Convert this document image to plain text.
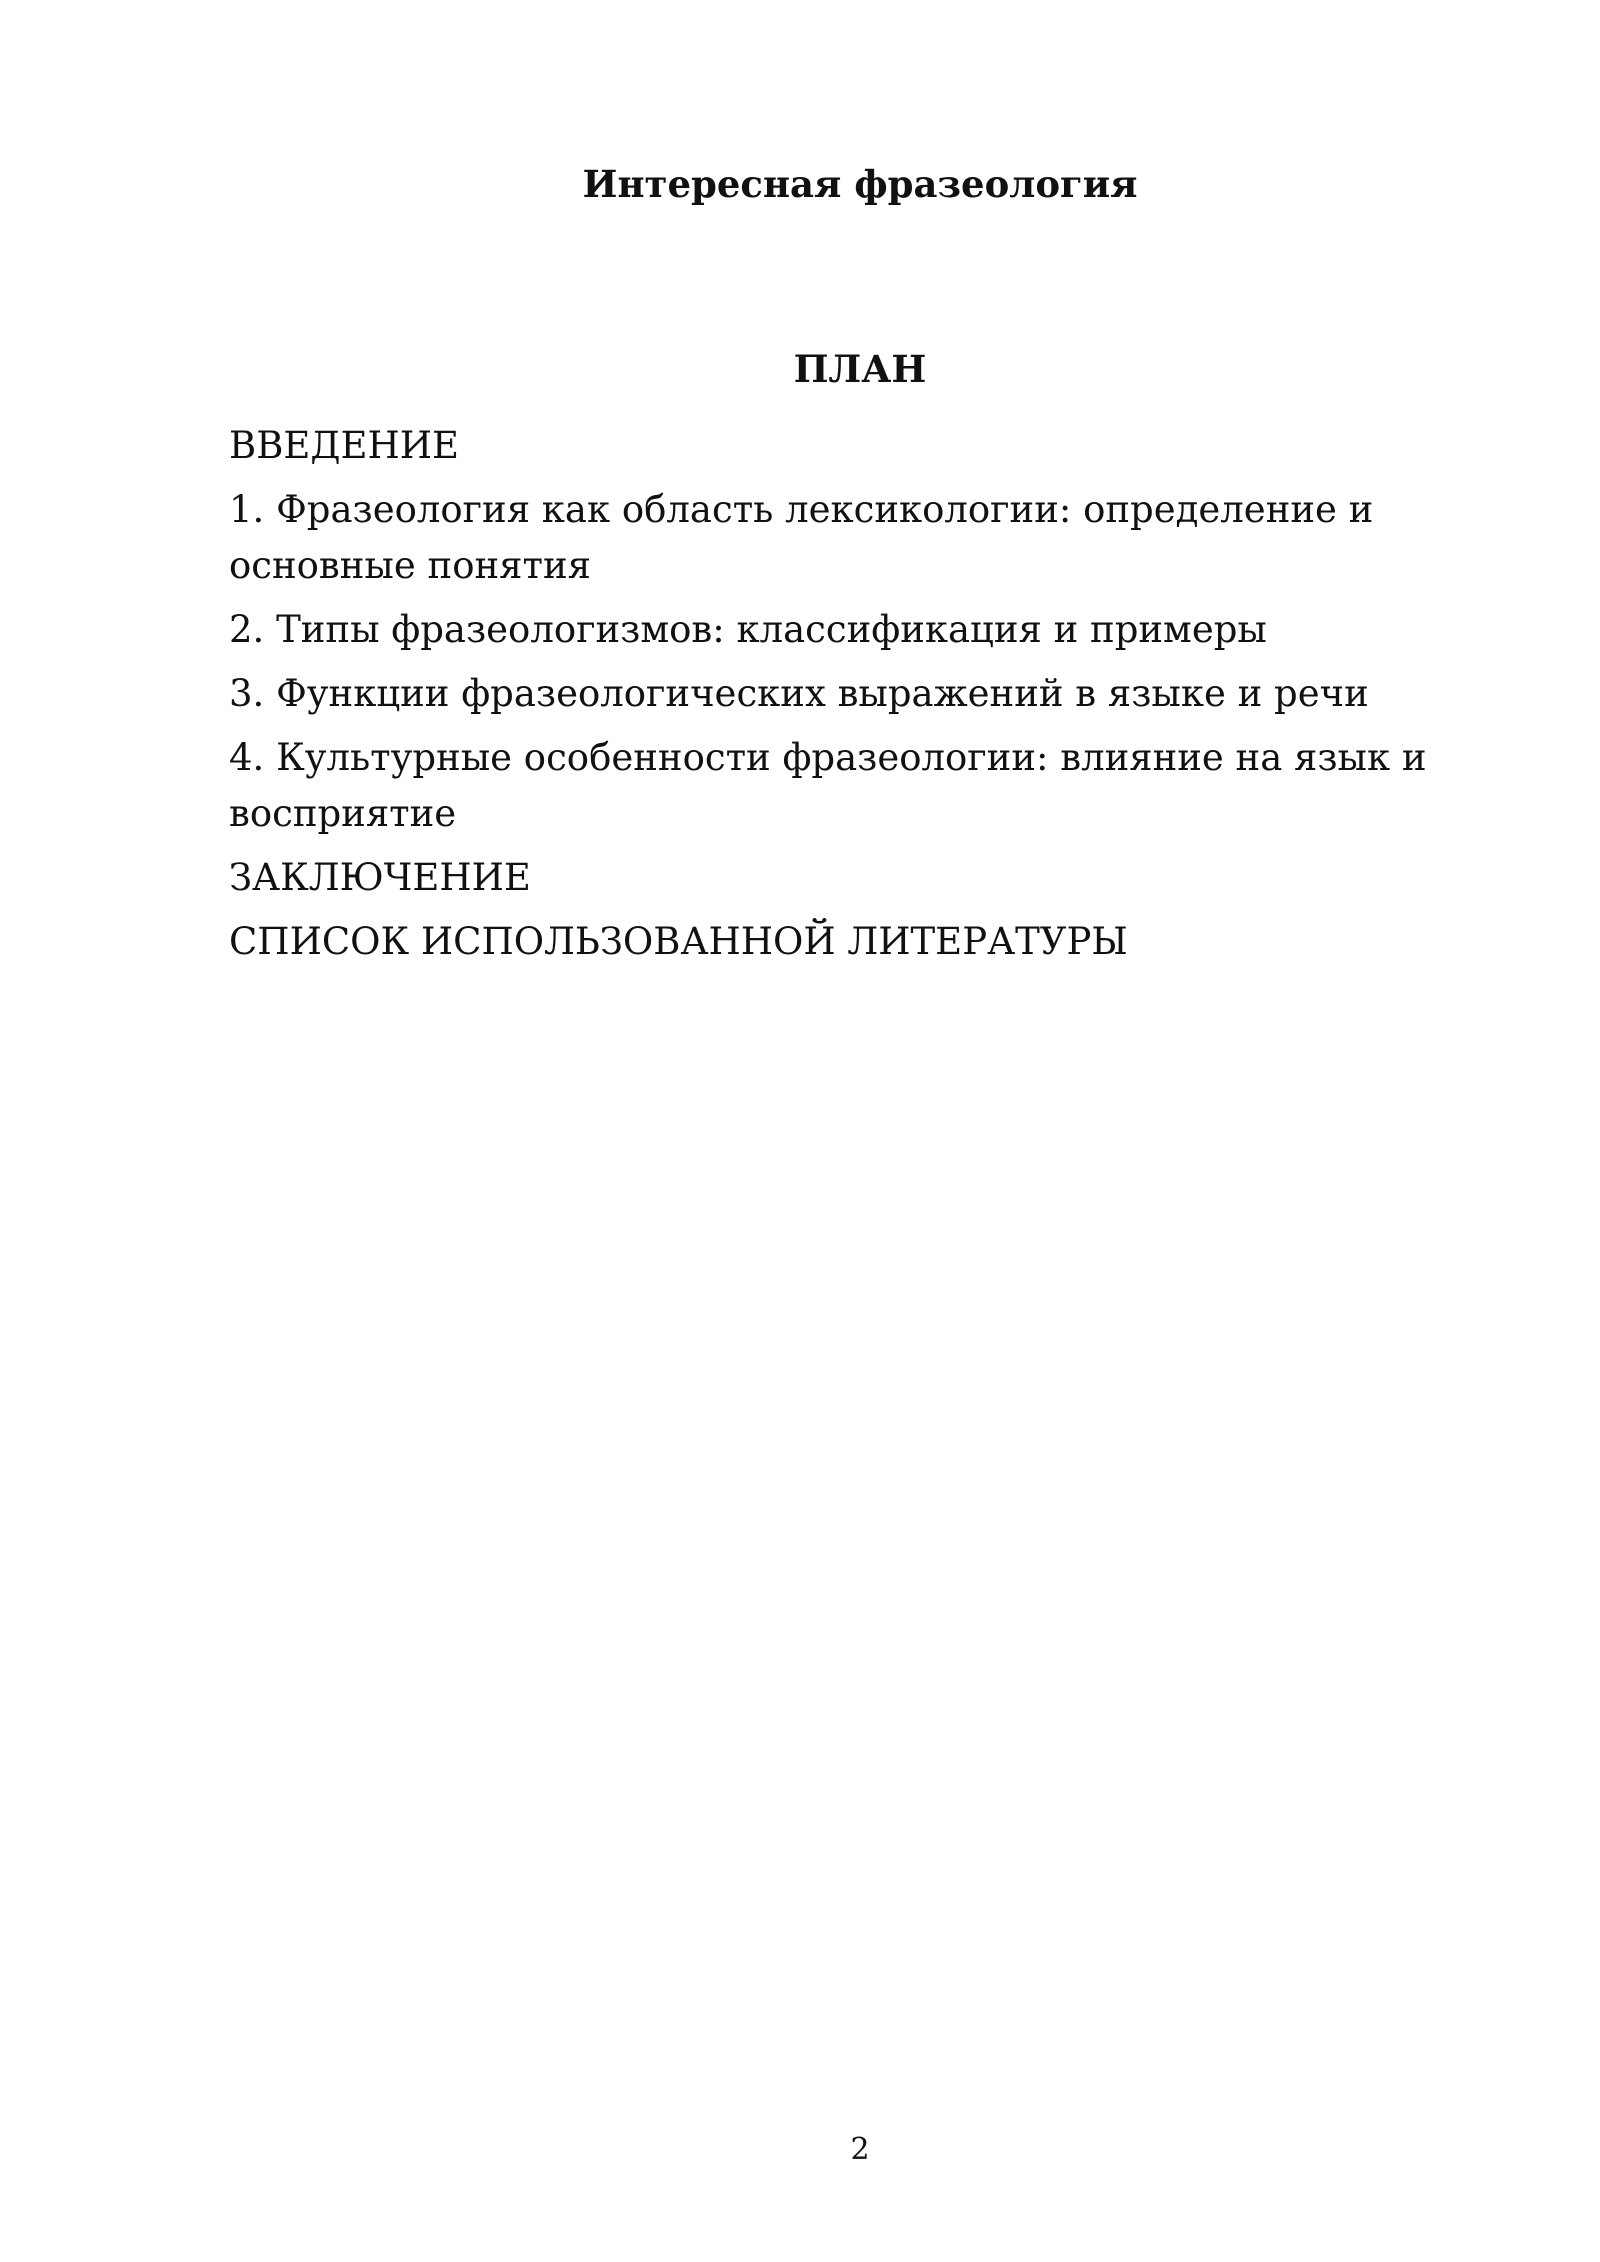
Интересная фразеология
ПЛАН
ВВЕДЕНИЕ
1. Фразеология как область лексикологии: определение и основные понятия
2. Типы фразеологизмов: классификация и примеры
3. Функции фразеологических выражений в языке и речи
4. Культурные особенности фразеологии: влияние на язык и восприятие
ЗАКЛЮЧЕНИЕ
СПИСОК ИСПОЛЬЗОВАННОЙ ЛИТЕРАТУРЫ
2
